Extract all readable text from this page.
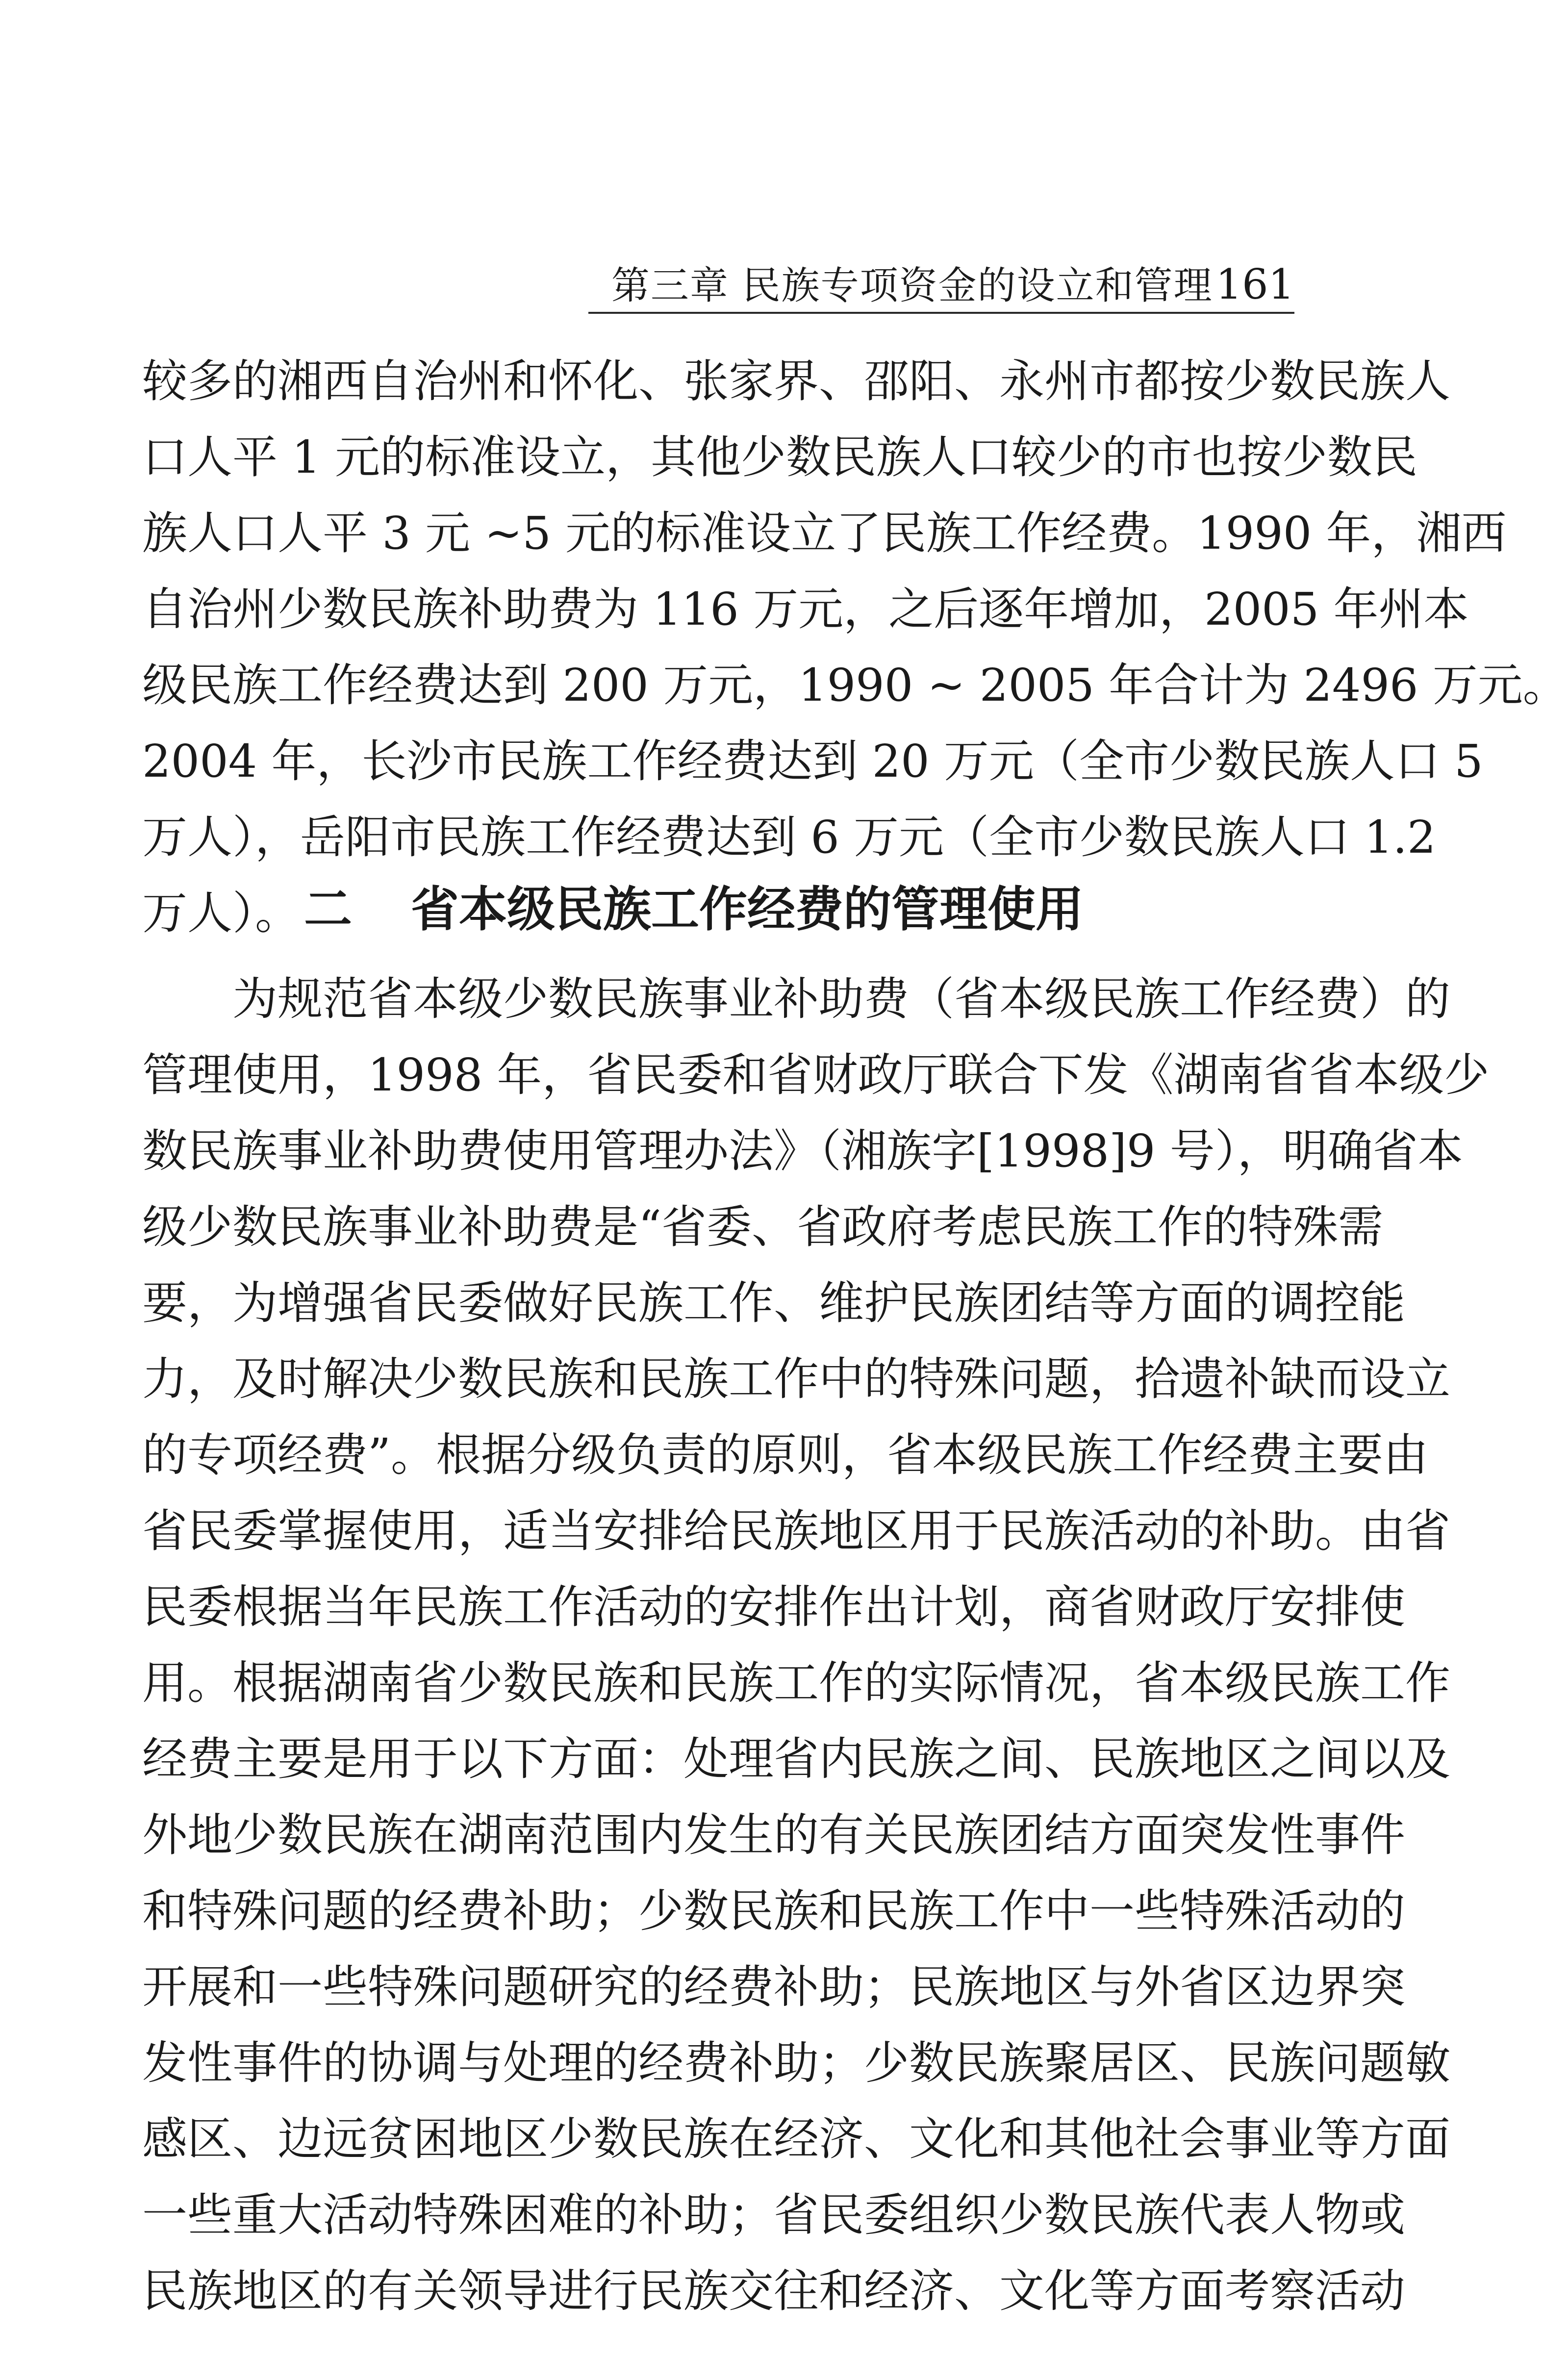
第三章 民族专项资金的设立和管理 161
较多的湘西自治州和怀化、张家界、邵阳、永州市都按少数民族人
口人平 1 元的标准设立，其他少数民族人口较少的市也按少数民
族人口人平 3 元 ~5 元的标准设立了民族工作经费。1990 年，湘西
自治州少数民族补助费为 116 万元，之后逐年增加，2005 年州本
级民族工作经费达到 200 万元，1990 ~ 2005 年合计为 2496 万元。
2004 年，长沙市民族工作经费达到 20 万元（全市少数民族人口 5
万人），岳阳市民族工作经费达到 6 万元（全市少数民族人口 1.2
万人）。 二 省本级民族工作经费的管理使用
　　为规范省本级少数民族事业补助费（省本级民族工作经费）的
管理使用，1998 年，省民委和省财政厅联合下发《湖南省省本级少
数民族事业补助费使用管理办法》（湘族字[1998]9 号），明确省本
级少数民族事业补助费是“省委、省政府考虑民族工作的特殊需
要，为增强省民委做好民族工作、维护民族团结等方面的调控能
力，及时解决少数民族和民族工作中的特殊问题，拾遗补缺而设立
的专项经费”。根据分级负责的原则，省本级民族工作经费主要由
省民委掌握使用，适当安排给民族地区用于民族活动的补助。由省
民委根据当年民族工作活动的安排作出计划，商省财政厅安排使
用。根据湖南省少数民族和民族工作的实际情况，省本级民族工作
经费主要是用于以下方面：处理省内民族之间、民族地区之间以及
外地少数民族在湖南范围内发生的有关民族团结方面突发性事件
和特殊问题的经费补助；少数民族和民族工作中一些特殊活动的
开展和一些特殊问题研究的经费补助；民族地区与外省区边界突
发性事件的协调与处理的经费补助；少数民族聚居区、民族问题敏
感区、边远贫困地区少数民族在经济、文化和其他社会事业等方面
一些重大活动特殊困难的补助；省民委组织少数民族代表人物或
民族地区的有关领导进行民族交往和经济、文化等方面考察活动
